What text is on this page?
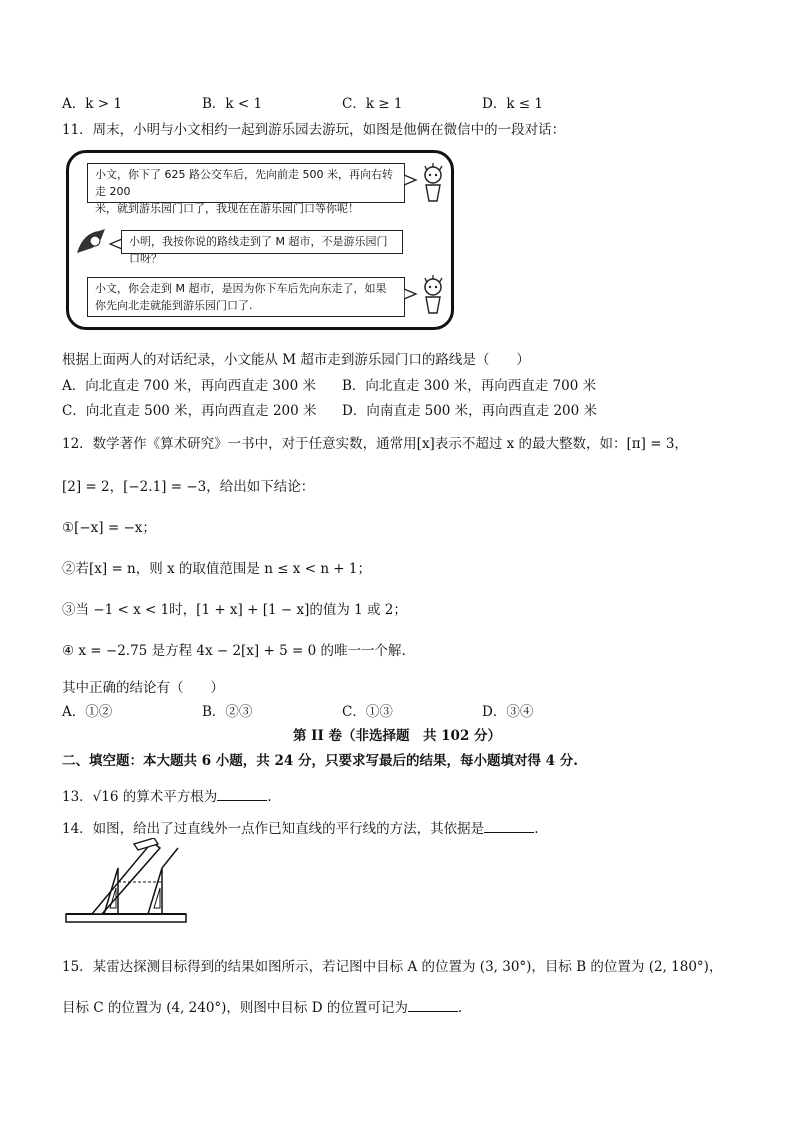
A．k > 1	B．k < 1	C．k ≥ 1	D．k ≤ 1
11．周末，小明与小文相约一起到游乐园去游玩，如图是他俩在微信中的一段对话：
小文，你下了 625 路公交车后，先向前走 500 米，再向右转走 200
米，就到游乐园门口了，我现在在游乐园门口等你呢！
小明，我按你说的路线走到了 M 超市，不是游乐园门口呀？
小文，你会走到 M 超市，是因为你下车后先向东走了，如果
你先向北走就能到游乐园门口了.
根据上面两人的对话纪录，小文能从 M 超市走到游乐园门口的路线是（　　）
A．向北直走 700 米，再向西直走 300 米 B．向北直走 300 米，再向西直走 700 米
C．向北直走 500 米，再向西直走 200 米 D．向南直走 500 米，再向西直走 200 米
12．数学著作《算术研究》一书中，对于任意实数，通常用[x]表示不超过 x 的最大整数，如：[π] = 3，
[2] = 2，[−2.1] = −3，给出如下结论：
①[−x] = −x；
②若[x] = n，则 x 的取值范围是 n ≤ x < n + 1；
③当 −1 < x < 1时，[1 + x] + [1 − x]的值为 1 或 2；
④ x = −2.75 是方程 4x − 2[x] + 5 = 0 的唯一一个解.
其中正确的结论有（　　）
A．①②	B．②③	C．①③	D．③④
第 II 卷（非选择题　共 102 分）
二、填空题：本大题共 6 小题，共 24 分，只要求写最后的结果，每小题填对得 4 分.
13．√16 的算术平方根为	.
14．如图，给出了过直线外一点作已知直线的平行线的方法，其依据是	.
15．某雷达探测目标得到的结果如图所示，若记图中目标 A 的位置为 (3, 30°)，目标 B 的位置为 (2, 180°)，
目标 C 的位置为 (4, 240°)，则图中目标 D 的位置可记为	.
